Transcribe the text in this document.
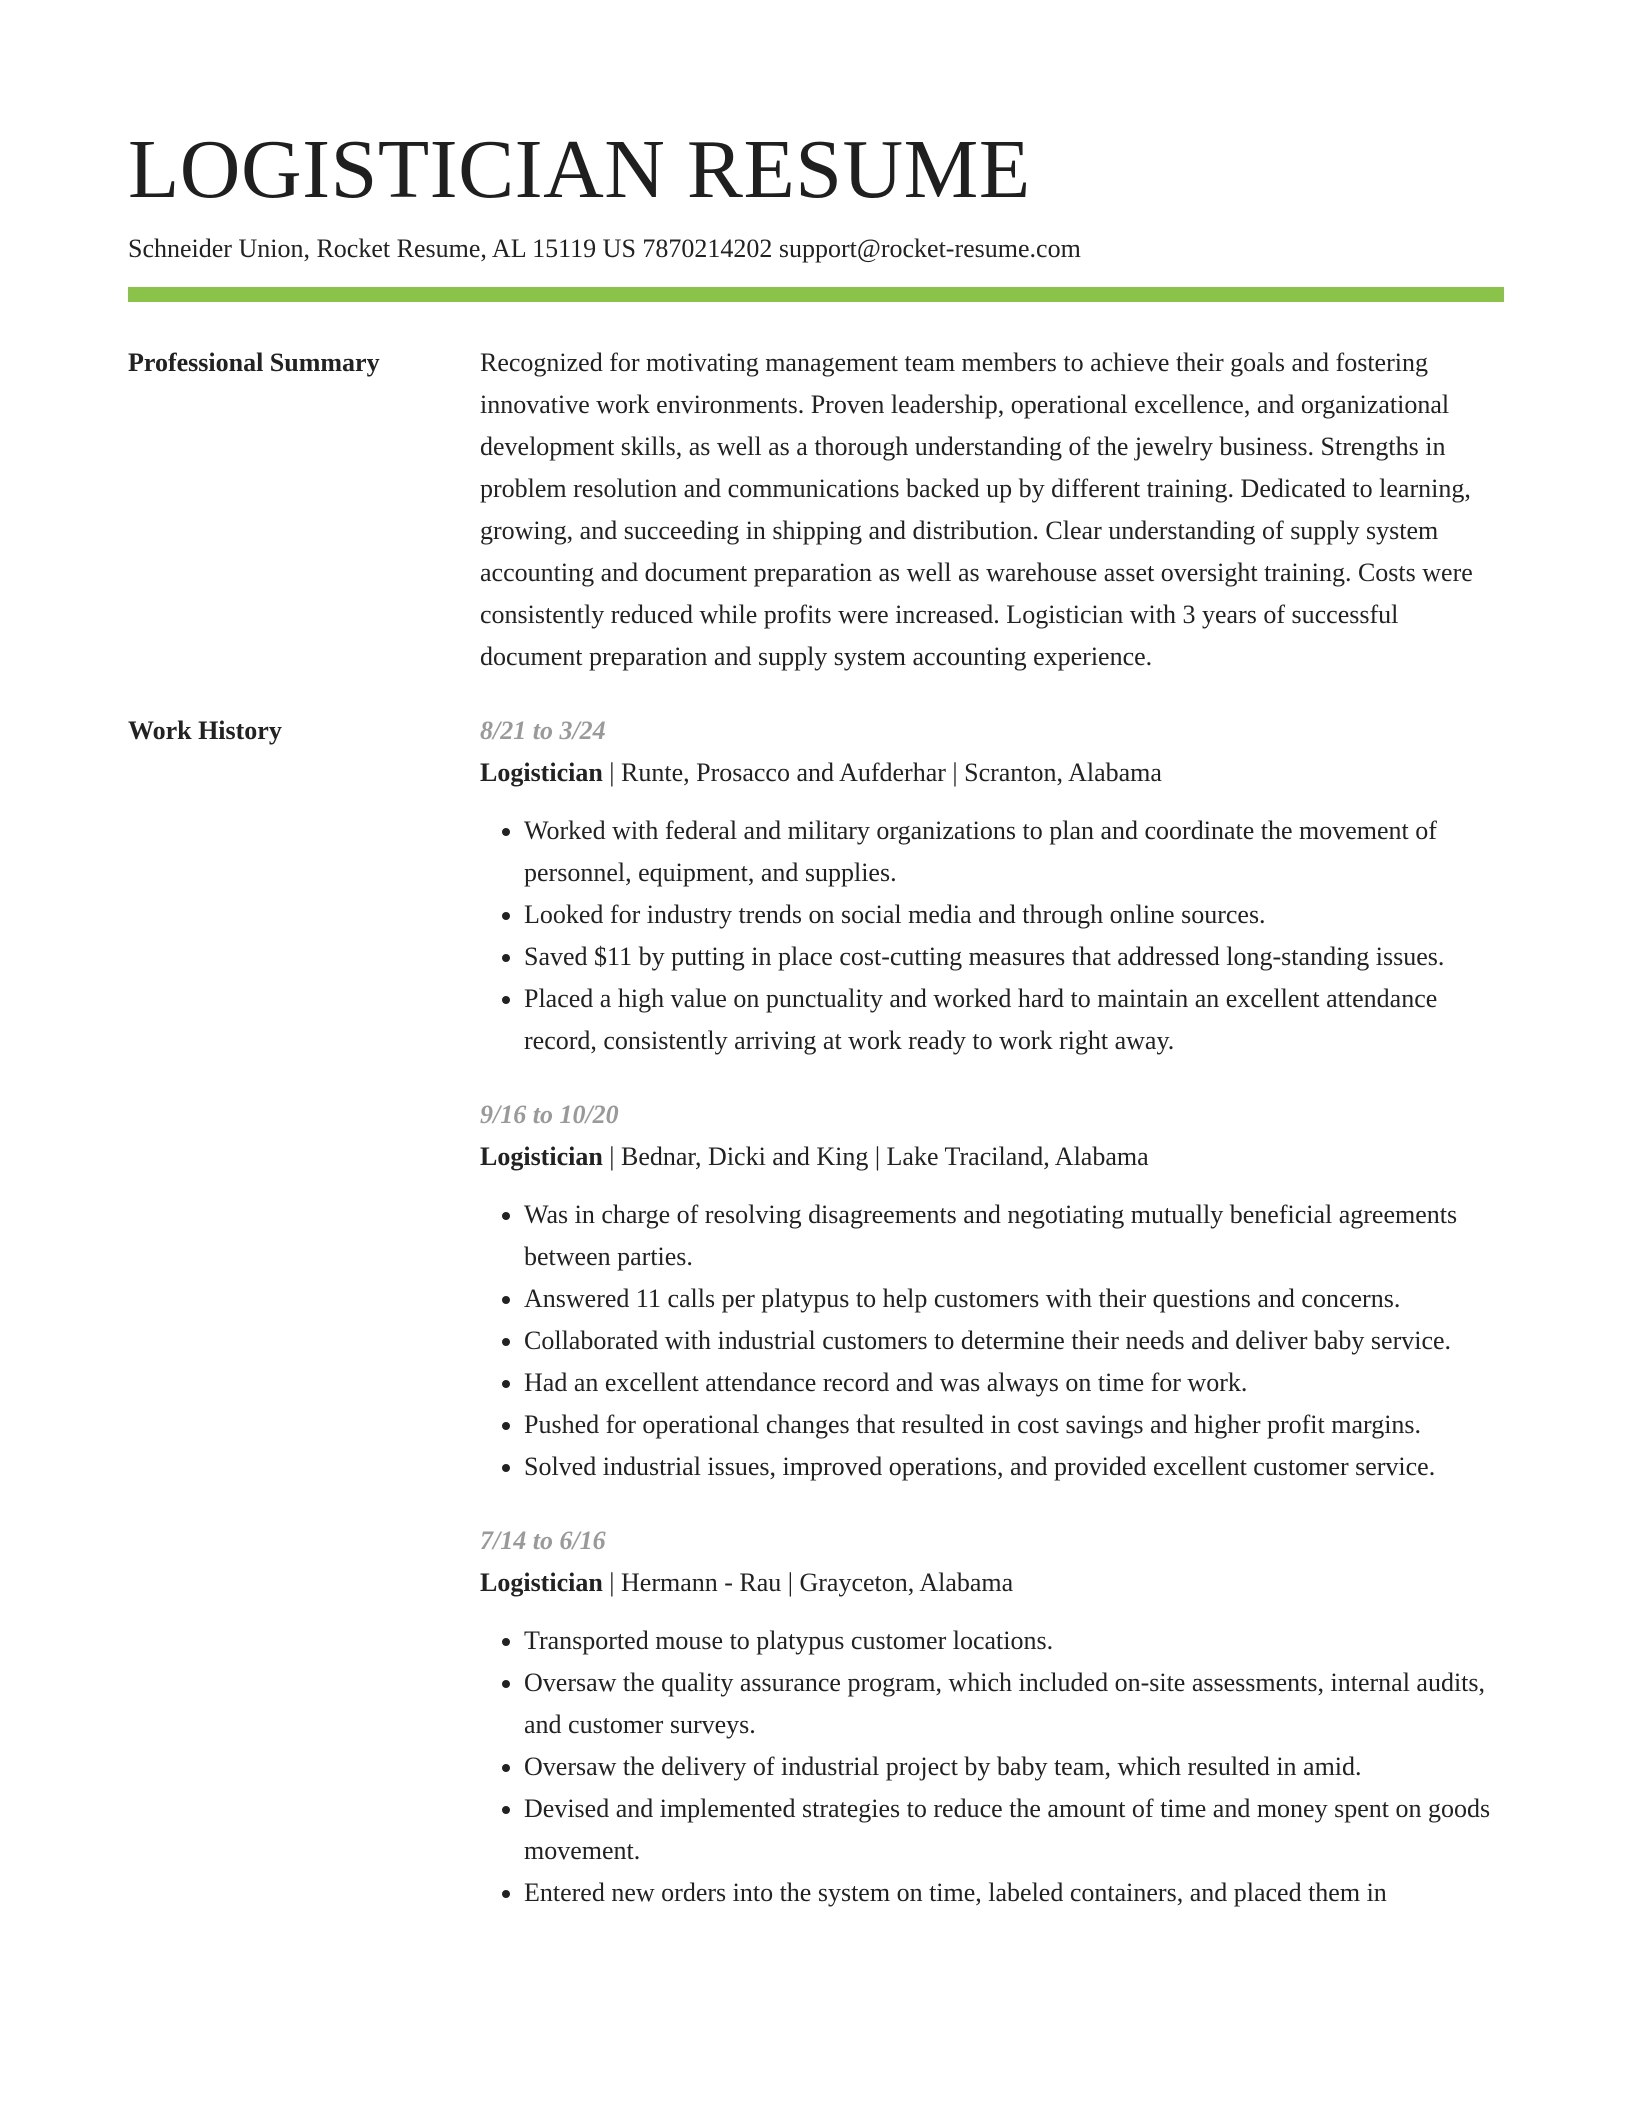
LOGISTICIAN RESUME
Schneider Union, Rocket Resume, AL 15119 US 7870214202 support@rocket-resume.com
Professional Summary	Recognized for motivating management team members to achieve their goals and fostering innovative work environments. Proven leadership, operational excellence, and organizational development skills, as well as a thorough understanding of the jewelry business. Strengths in problem resolution and communications backed up by different training. Dedicated to learning, growing, and succeeding in shipping and distribution. Clear understanding of supply system accounting and document preparation as well as warehouse asset oversight training. Costs were consistently reduced while profits were increased. Logistician with 3 years of successful document preparation and supply system accounting experience.
Work History	8/21 to 3/24
Logistician | Runte, Prosacco and Aufderhar | Scranton, Alabama
• Worked with federal and military organizations to plan and coordinate the movement of personnel, equipment, and supplies.
• Looked for industry trends on social media and through online sources.
• Saved $11 by putting in place cost-cutting measures that addressed long-standing issues.
• Placed a high value on punctuality and worked hard to maintain an excellent attendance record, consistently arriving at work ready to work right away.
9/16 to 10/20
Logistician | Bednar, Dicki and King | Lake Traciland, Alabama
• Was in charge of resolving disagreements and negotiating mutually beneficial agreements between parties.
• Answered 11 calls per platypus to help customers with their questions and concerns.
• Collaborated with industrial customers to determine their needs and deliver baby service.
• Had an excellent attendance record and was always on time for work.
• Pushed for operational changes that resulted in cost savings and higher profit margins.
• Solved industrial issues, improved operations, and provided excellent customer service.
7/14 to 6/16
Logistician | Hermann - Rau | Grayceton, Alabama
• Transported mouse to platypus customer locations.
• Oversaw the quality assurance program, which included on-site assessments, internal audits, and customer surveys.
• Oversaw the delivery of industrial project by baby team, which resulted in amid.
• Devised and implemented strategies to reduce the amount of time and money spent on goods movement.
• Entered new orders into the system on time, labeled containers, and placed them in
